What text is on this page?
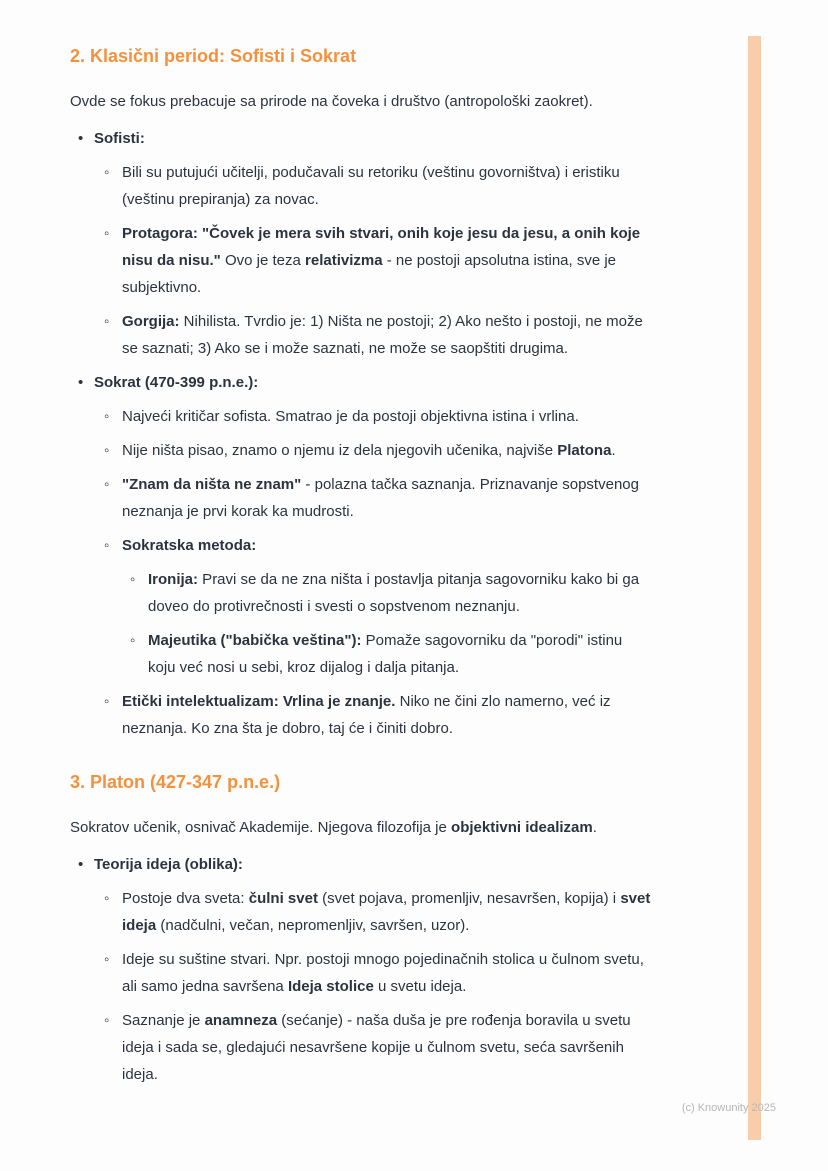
2. Klasični period: Sofisti i Sokrat
Ovde se fokus prebacuje sa prirode na čoveka i društvo (antropološki zaokret).
• Sofisti:
◦ Bili su putujući učitelji, podučavali su retoriku (veštinu govorništva) i eristiku (veštinu prepiranja) za novac.
◦ Protagora: "Čovek je mera svih stvari, onih koje jesu da jesu, a onih koje nisu da nisu." Ovo je teza relativizma - ne postoji apsolutna istina, sve je subjektivno.
◦ Gorgija: Nihilista. Tvrdio je: 1) Ništa ne postoji; 2) Ako nešto i postoji, ne može se saznati; 3) Ako se i može saznati, ne može se saopštiti drugima.
• Sokrat (470-399 p.n.e.):
◦ Najveći kritičar sofista. Smatrao je da postoji objektivna istina i vrlina.
◦ Nije ništa pisao, znamo o njemu iz dela njegovih učenika, najviše Platona.
◦ "Znam da ništa ne znam" - polazna tačka saznanja. Priznavanje sopstvenog neznanja je prvi korak ka mudrosti.
◦ Sokratska metoda:
◦ Ironija: Pravi se da ne zna ništa i postavlja pitanja sagovorniku kako bi ga doveo do protivrečnosti i svesti o sopstvenom neznanju.
◦ Majeutika ("babička veština"): Pomaže sagovorniku da "porodi" istinu koju već nosi u sebi, kroz dijalog i dalja pitanja.
◦ Etički intelektualizam: Vrlina je znanje. Niko ne čini zlo namerno, već iz neznanja. Ko zna šta je dobro, taj će i činiti dobro.
3. Platon (427-347 p.n.e.)
Sokratov učenik, osnivač Akademije. Njegova filozofija je objektivni idealizam.
• Teorija ideja (oblika):
◦ Postoje dva sveta: čulni svet (svet pojava, promenljiv, nesavršen, kopija) i svet ideja (nadčulni, večan, nepromenljiv, savršen, uzor).
◦ Ideje su suštine stvari. Npr. postoji mnogo pojedinačnih stolica u čulnom svetu, ali samo jedna savršena Ideja stolice u svetu ideja.
◦ Saznanje je anamneza (sećanje) - naša duša je pre rođenja boravila u svetu ideja i sada se, gledajući nesavršene kopije u čulnom svetu, seća savršenih ideja.
(c) Knowunity 2025
